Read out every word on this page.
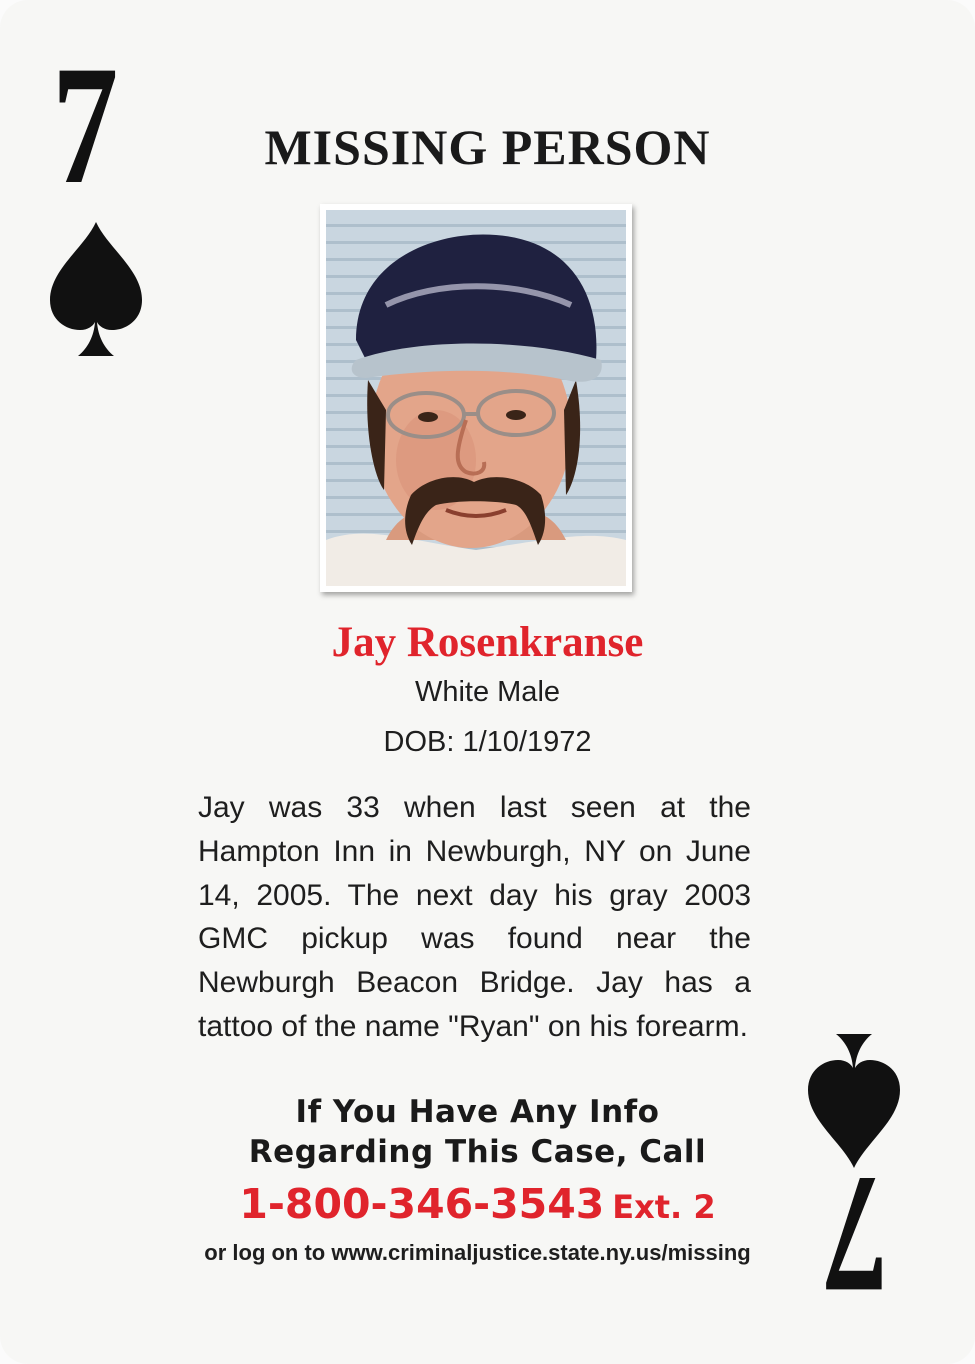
7	MISSING PERSON
Jay Rosenkranse
White Male
DOB: 1/10/1972
Jay was 33 when last seen at the Hampton Inn in Newburgh, NY on June 14, 2005. The next day his gray 2003 GMC pickup was found near the Newburgh Beacon Bridge. Jay has a tattoo of the name "Ryan" on his forearm.
If You Have Any Info
Regarding This Case, Call
1-800-346-3543 Ext. 2
or log on to www.criminaljustice.state.ny.us/missing 7
